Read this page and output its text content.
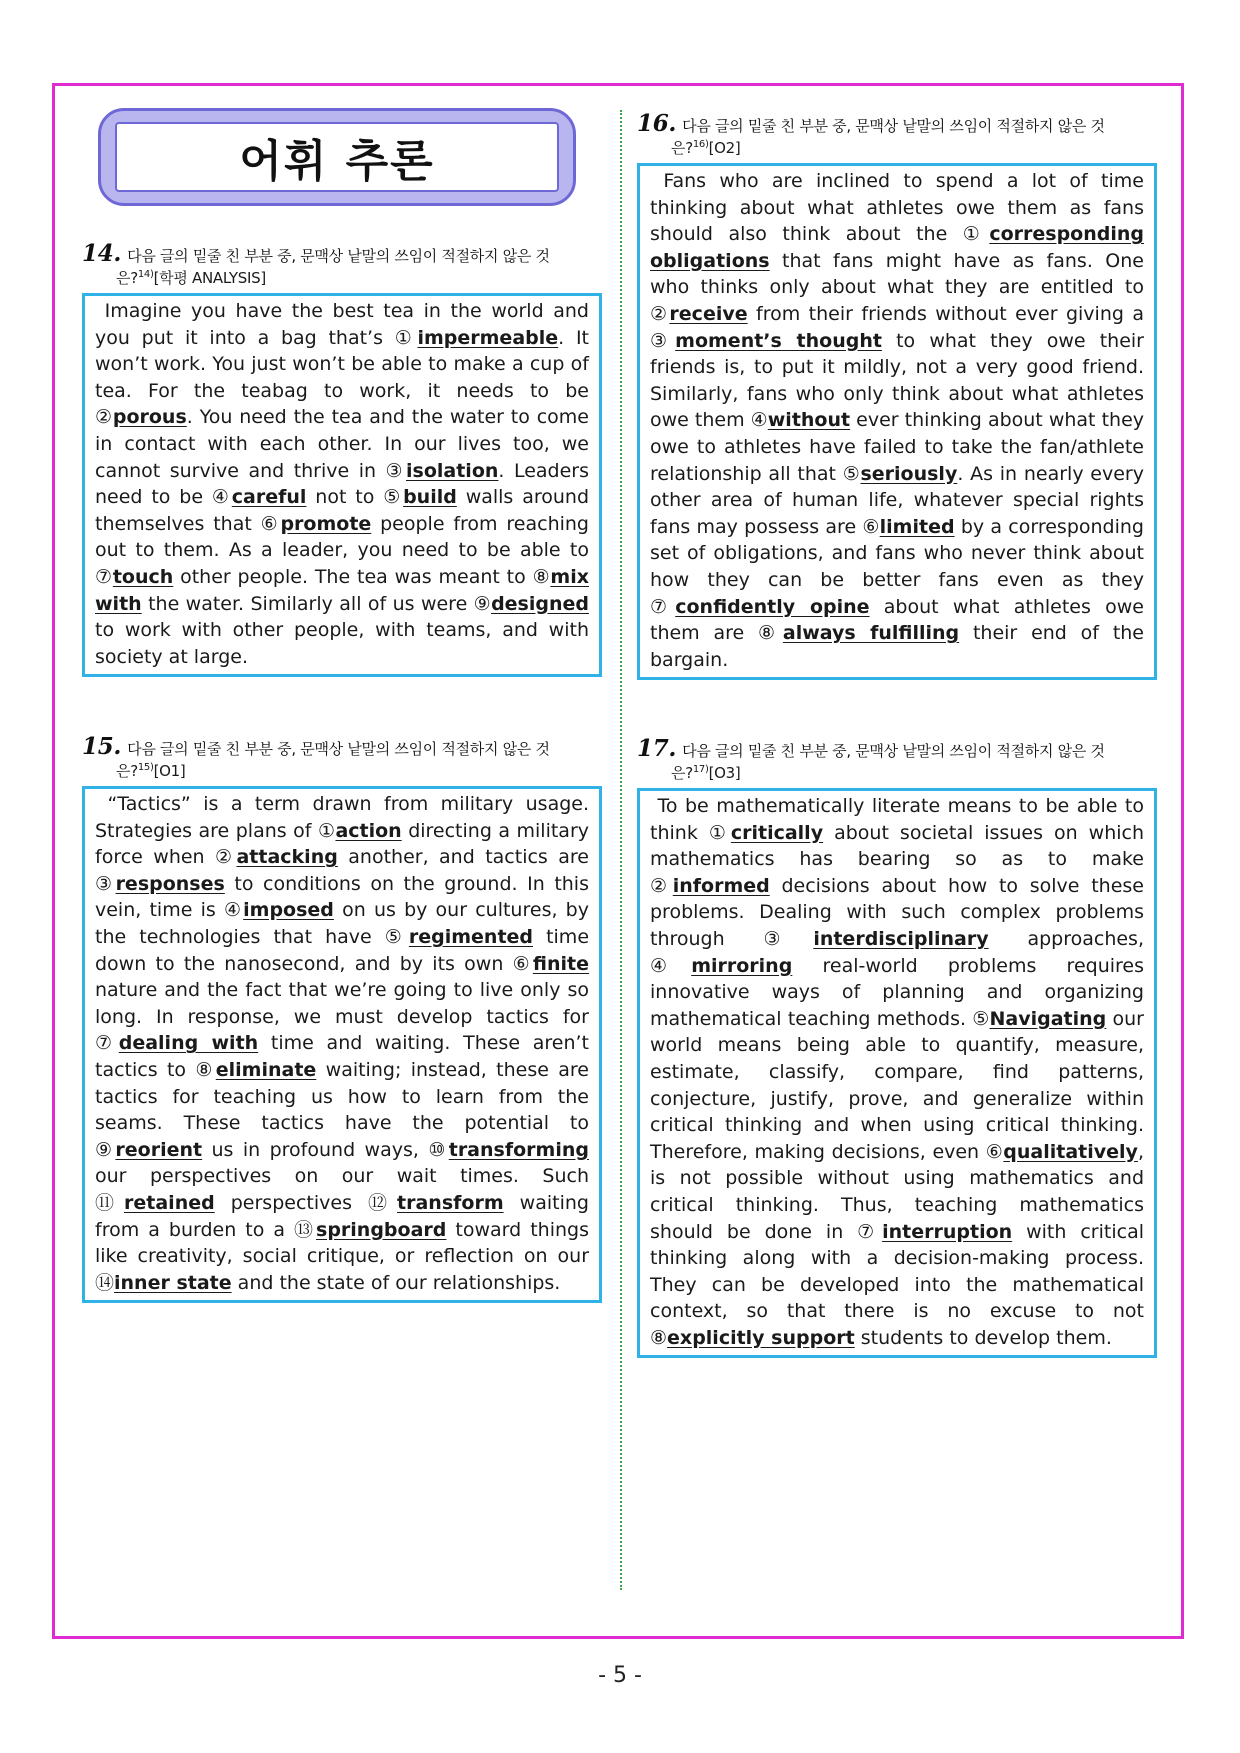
어휘 추론
14. 다음 글의 밑줄 친 부분 중, 문맥상 낱말의 쓰임이 적절하지 않은 것
은?$^{14)}$[학평 ANALYSIS]
Imagine you have the best tea in the world and you put it into a bag that’s ①impermeable. It won’t work. You just won’t be able to make a cup of tea. For the teabag to work, it needs to be ②porous. You need the tea and the water to come in contact with each other. In our lives too, we cannot survive and thrive in ③isolation. Leaders need to be ④careful not to ⑤build walls around themselves that ⑥promote people from reaching out to them. As a leader, you need to be able to ⑦touch other people. The tea was meant to ⑧mix with the water. Similarly all of us were ⑨designed to work with other people, with teams, and with society at large.
15. 다음 글의 밑줄 친 부분 중, 문맥상 낱말의 쓰임이 적절하지 않은 것
은?$^{15)}$[O1]
“Tactics” is a term drawn from military usage. Strategies are plans of ①action directing a military force when ②attacking another, and tactics are ③responses to conditions on the ground. In this vein, time is ④imposed on us by our cultures, by the technologies that have ⑤regimented time down to the nanosecond, and by its own ⑥finite nature and the fact that we’re going to live only so long. In response, we must develop tactics for ⑦dealing with time and waiting. These aren’t tactics to ⑧eliminate waiting; instead, these are tactics for teaching us how to learn from the seams. These tactics have the potential to ⑨reorient us in profound ways, ⑩transforming our perspectives on our wait times. Such ⑪retained perspectives ⑫transform waiting from a burden to a ⑬springboard toward things like creativity, social critique, or reflection on our ⑭inner state and the state of our relationships.
16. 다음 글의 밑줄 친 부분 중, 문맥상 낱말의 쓰임이 적절하지 않은 것
은?$^{16)}$[O2]
Fans who are inclined to spend a lot of time thinking about what athletes owe them as fans should also think about the ①corresponding obligations that fans might have as fans. One who thinks only about what they are entitled to ②receive from their friends without ever giving a ③moment’s thought to what they owe their friends is, to put it mildly, not a very good friend. Similarly, fans who only think about what athletes owe them ④without ever thinking about what they owe to athletes have failed to take the fan/athlete relationship all that ⑤seriously. As in nearly every other area of human life, whatever special rights fans may possess are ⑥limited by a corresponding set of obligations, and fans who never think about how they can be better fans even as they ⑦confidently opine about what athletes owe them are ⑧always fulfilling their end of the bargain.
17. 다음 글의 밑줄 친 부분 중, 문맥상 낱말의 쓰임이 적절하지 않은 것
은?$^{17)}$[O3]
To be mathematically literate means to be able to think ①critically about societal issues on which mathematics has bearing so as to make ②informed decisions about how to solve these problems. Dealing with such complex problems through ③interdisciplinary approaches, ④mirroring real-world problems requires innovative ways of planning and organizing mathematical teaching methods. ⑤Navigating our world means being able to quantify, measure, estimate, classify, compare, find patterns, conjecture, justify, prove, and generalize within critical thinking and when using critical thinking. Therefore, making decisions, even ⑥qualitatively, is not possible without using mathematics and critical thinking. Thus, teaching mathematics should be done in ⑦interruption with critical thinking along with a decision-making process. They can be developed into the mathematical context, so that there is no excuse to not ⑧explicitly support students to develop them.
- 5 -
